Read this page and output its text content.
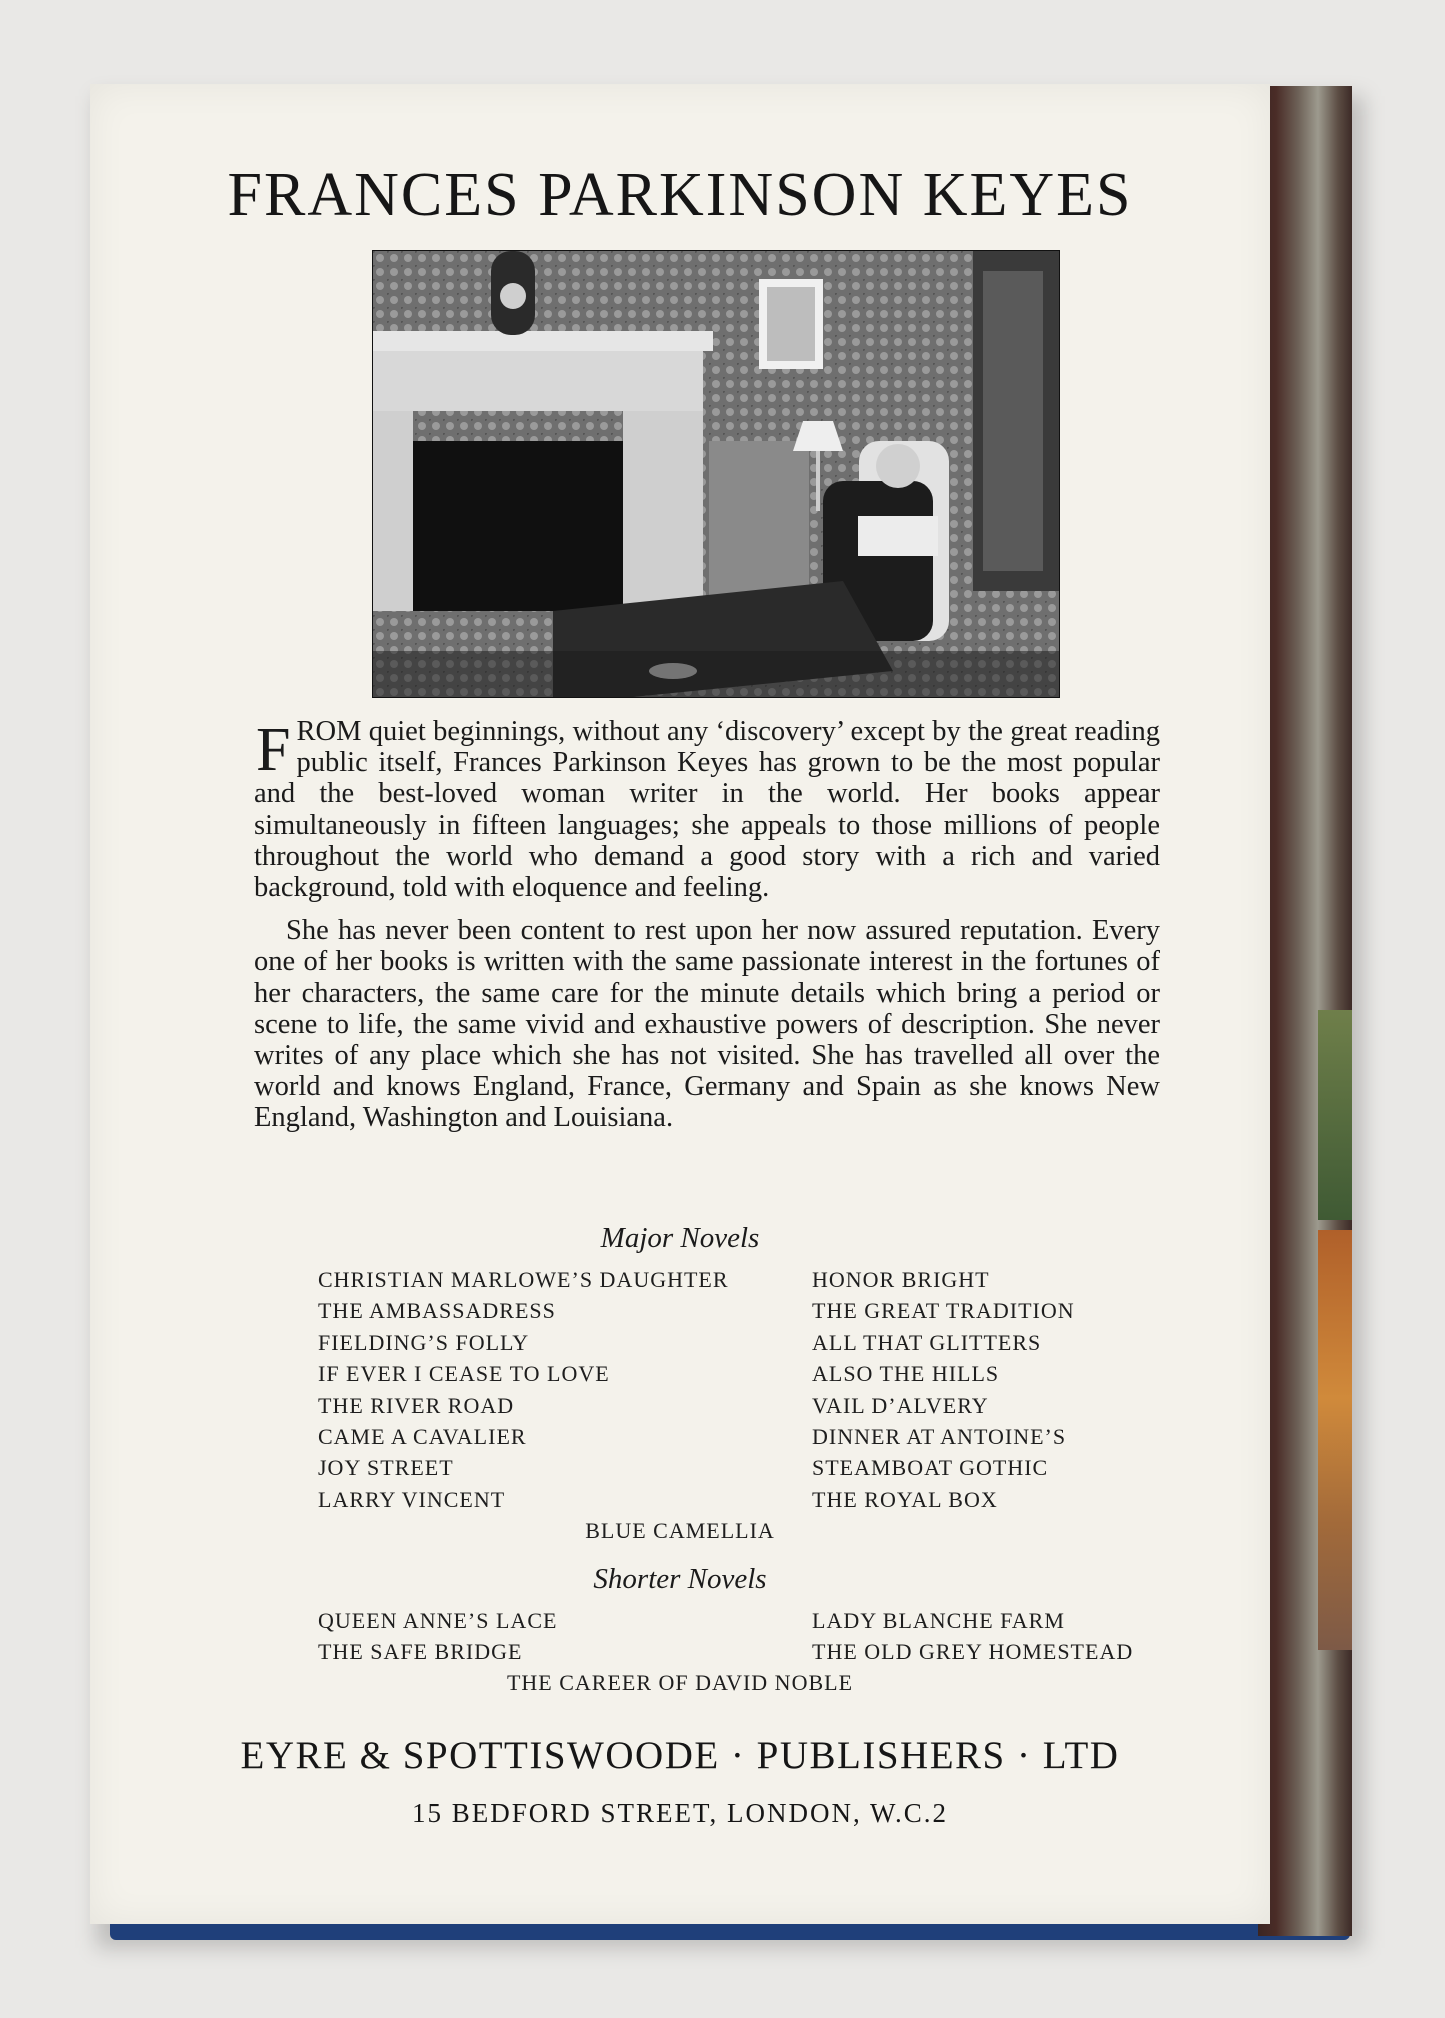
FRANCES PARKINSON KEYES

FROM quiet beginnings, without any ‘discovery’ except by the great reading public itself, Frances Parkinson Keyes has grown to be the most popular and the best-loved woman writer in the world. Her books appear simultaneously in fifteen languages; she appeals to those millions of people throughout the world who demand a good story with a rich and varied background, told with eloquence and feeling.

She has never been content to rest upon her now assured reputation. Every one of her books is written with the same passionate interest in the fortunes of her characters, the same care for the minute details which bring a period or scene to life, the same vivid and exhaustive powers of description. She never writes of any place which she has not visited. She has travelled all over the world and knows England, France, Germany and Spain as she knows New England, Washington and Louisiana.

Major Novels
CHRISTIAN MARLOWE’S DAUGHTER	HONOR BRIGHT
THE AMBASSADRESS	THE GREAT TRADITION
FIELDING’S FOLLY	ALL THAT GLITTERS
IF EVER I CEASE TO LOVE	ALSO THE HILLS
THE RIVER ROAD	VAIL D’ALVERY
CAME A CAVALIER	DINNER AT ANTOINE’S
JOY STREET	STEAMBOAT GOTHIC
LARRY VINCENT	THE ROYAL BOX
BLUE CAMELLIA
Shorter Novels
QUEEN ANNE’S LACE	LADY BLANCHE FARM
THE SAFE BRIDGE	THE OLD GREY HOMESTEAD
THE CAREER OF DAVID NOBLE
EYRE & SPOTTISWOODE · PUBLISHERS · LTD
15 BEDFORD STREET, LONDON, W.C.2
